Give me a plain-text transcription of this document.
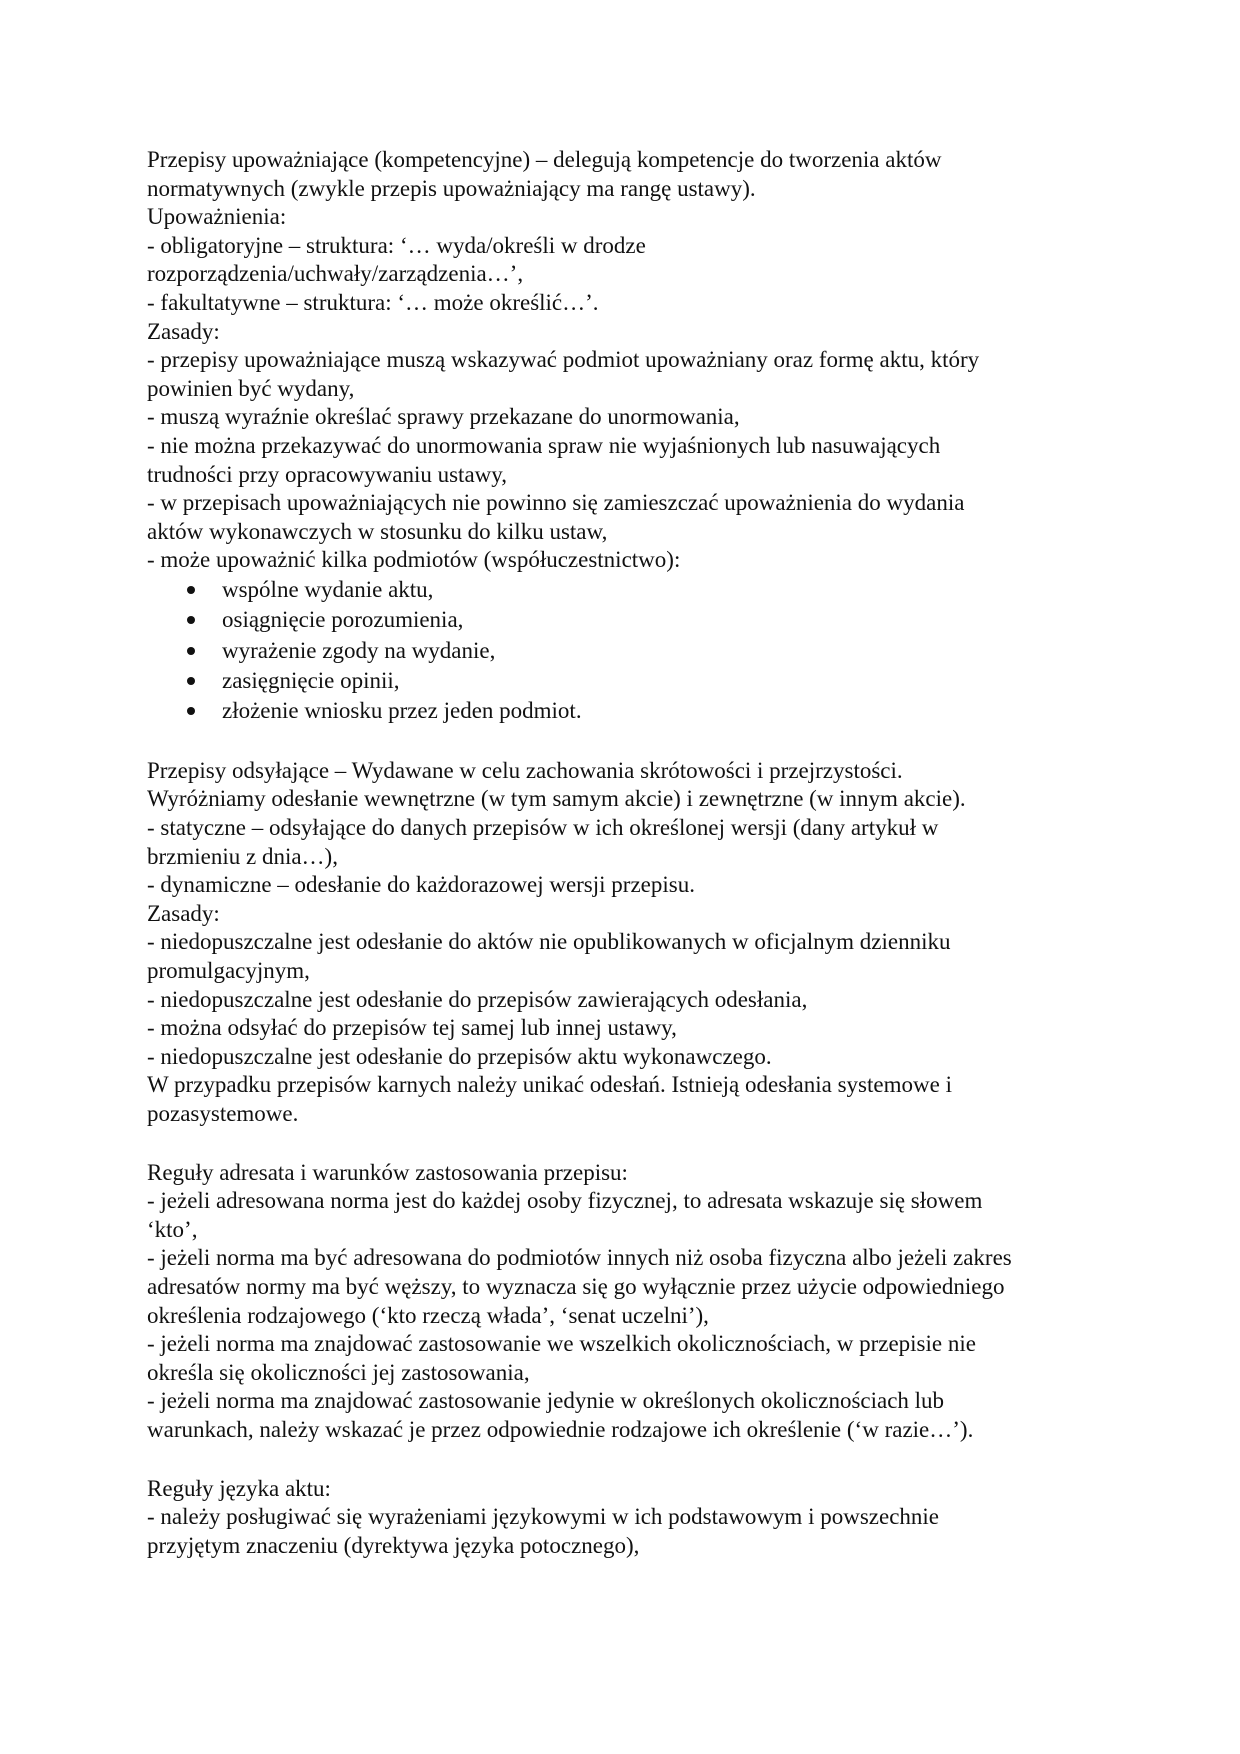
Przepisy upoważniające (kompetencyjne) – delegują kompetencje do tworzenia aktów
normatywnych (zwykle przepis upoważniający ma rangę ustawy).
Upoważnienia:
- obligatoryjne – struktura: ‘… wyda/określi w drodze
rozporządzenia/uchwały/zarządzenia…’,
- fakultatywne – struktura: ‘… może określić…’.
Zasady:
- przepisy upoważniające muszą wskazywać podmiot upoważniany oraz formę aktu, który
powinien być wydany,
- muszą wyraźnie określać sprawy przekazane do unormowania,
- nie można przekazywać do unormowania spraw nie wyjaśnionych lub nasuwających
trudności przy opracowywaniu ustawy,
- w przepisach upoważniających nie powinno się zamieszczać upoważnienia do wydania
aktów wykonawczych w stosunku do kilku ustaw,
- może upoważnić kilka podmiotów (współuczestnictwo):
wspólne wydanie aktu,
osiągnięcie porozumienia,
wyrażenie zgody na wydanie,
zasięgnięcie opinii,
złożenie wniosku przez jeden podmiot.
Przepisy odsyłające – Wydawane w celu zachowania skrótowości i przejrzystości.
Wyróżniamy odesłanie wewnętrzne (w tym samym akcie) i zewnętrzne (w innym akcie).
- statyczne – odsyłające do danych przepisów w ich określonej wersji (dany artykuł w
brzmieniu z dnia…),
- dynamiczne – odesłanie do każdorazowej wersji przepisu.
Zasady:
- niedopuszczalne jest odesłanie do aktów nie opublikowanych w oficjalnym dzienniku
promulgacyjnym,
- niedopuszczalne jest odesłanie do przepisów zawierających odesłania,
- można odsyłać do przepisów tej samej lub innej ustawy,
- niedopuszczalne jest odesłanie do przepisów aktu wykonawczego.
W przypadku przepisów karnych należy unikać odesłań. Istnieją odesłania systemowe i
pozasystemowe.
Reguły adresata i warunków zastosowania przepisu:
- jeżeli adresowana norma jest do każdej osoby fizycznej, to adresata wskazuje się słowem
‘kto’,
- jeżeli norma ma być adresowana do podmiotów innych niż osoba fizyczna albo jeżeli zakres
adresatów normy ma być węższy, to wyznacza się go wyłącznie przez użycie odpowiedniego
określenia rodzajowego (‘kto rzeczą włada’, ‘senat uczelni’),
- jeżeli norma ma znajdować zastosowanie we wszelkich okolicznościach, w przepisie nie
określa się okoliczności jej zastosowania,
- jeżeli norma ma znajdować zastosowanie jedynie w określonych okolicznościach lub
warunkach, należy wskazać je przez odpowiednie rodzajowe ich określenie (‘w razie…’).
Reguły języka aktu:
- należy posługiwać się wyrażeniami językowymi w ich podstawowym i powszechnie
przyjętym znaczeniu (dyrektywa języka potocznego),
